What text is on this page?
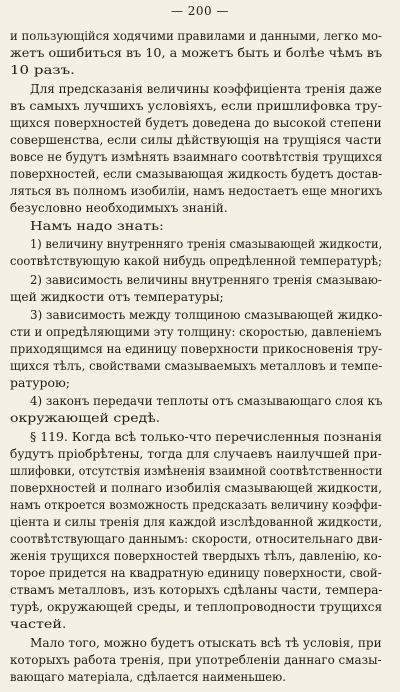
— 200 —
и пользующійся ходячими правилами и данными, легко мо-
жетъ ошибиться въ 10, а можетъ быть и болѣе чѣмъ въ
10 разъ.
Для предсказанія величины коэффиціента тренія даже
въ самыхъ лучшихъ условіяхъ, если пришлифовка тру-
щихся поверхностей будетъ доведена до высокой степени
совершенства, если силы дѣйствующія на трущіяся части
вовсе не будутъ измѣнять взаимнаго соотвѣтствія трущихся
поверхностей, если смазывающая жидкость будетъ достав-
ляться въ полномъ изобиліи, намъ недостаетъ еще многихъ
безусловно необходимыхъ знаній.
Намъ надо знать:
1) величину внутренняго тренія смазывающей жидкости,
соотвѣтствующую какой нибудь опредѣленной температурѣ;
2) зависимость величины внутренняго тренія смазываю-
щей жидкости отъ температуры;
3) зависимость между толщиною смазывающей жидко-
сти и опредѣляющими эту толщину: скоростью, давленіемъ
приходящимся на единицу поверхности прикосновенія тру-
щихся тѣлъ, свойствами смазываемыхъ металловъ и темпе-
ратурою;
4) законъ передачи теплоты отъ смазывающаго слоя къ
окружающей средѣ.
§ 119. Когда всѣ только-что перечисленныя познанія
будутъ пріобрѣтены, тогда для случаевъ наилучшей при-
шлифовки, отсутствія измѣненія взаимной соотвѣтственности
поверхностей и полнаго изобилія смазывающей жидкости,
намъ откроется возможность предсказать величину коэффи-
ціента и силы тренія для каждой изслѣдованной жидкости,
соотвѣтствующаго даннымъ: скорости, относительнаго дви-
женія трущихся поверхностей твердыхъ тѣлъ, давленію, ко-
торое придется на квадратную единицу поверхности, свой-
ствамъ металловъ, изъ которыхъ сдѣланы части, темпера-
турѣ, окружающей среды, и теплопроводности трущихся
частей.
Мало того, можно будетъ отыскать всѣ тѣ условія, при
которыхъ работа тренія, при употребленіи даннаго смазы-
вающаго матеріала, сдѣлается наименьшею.
